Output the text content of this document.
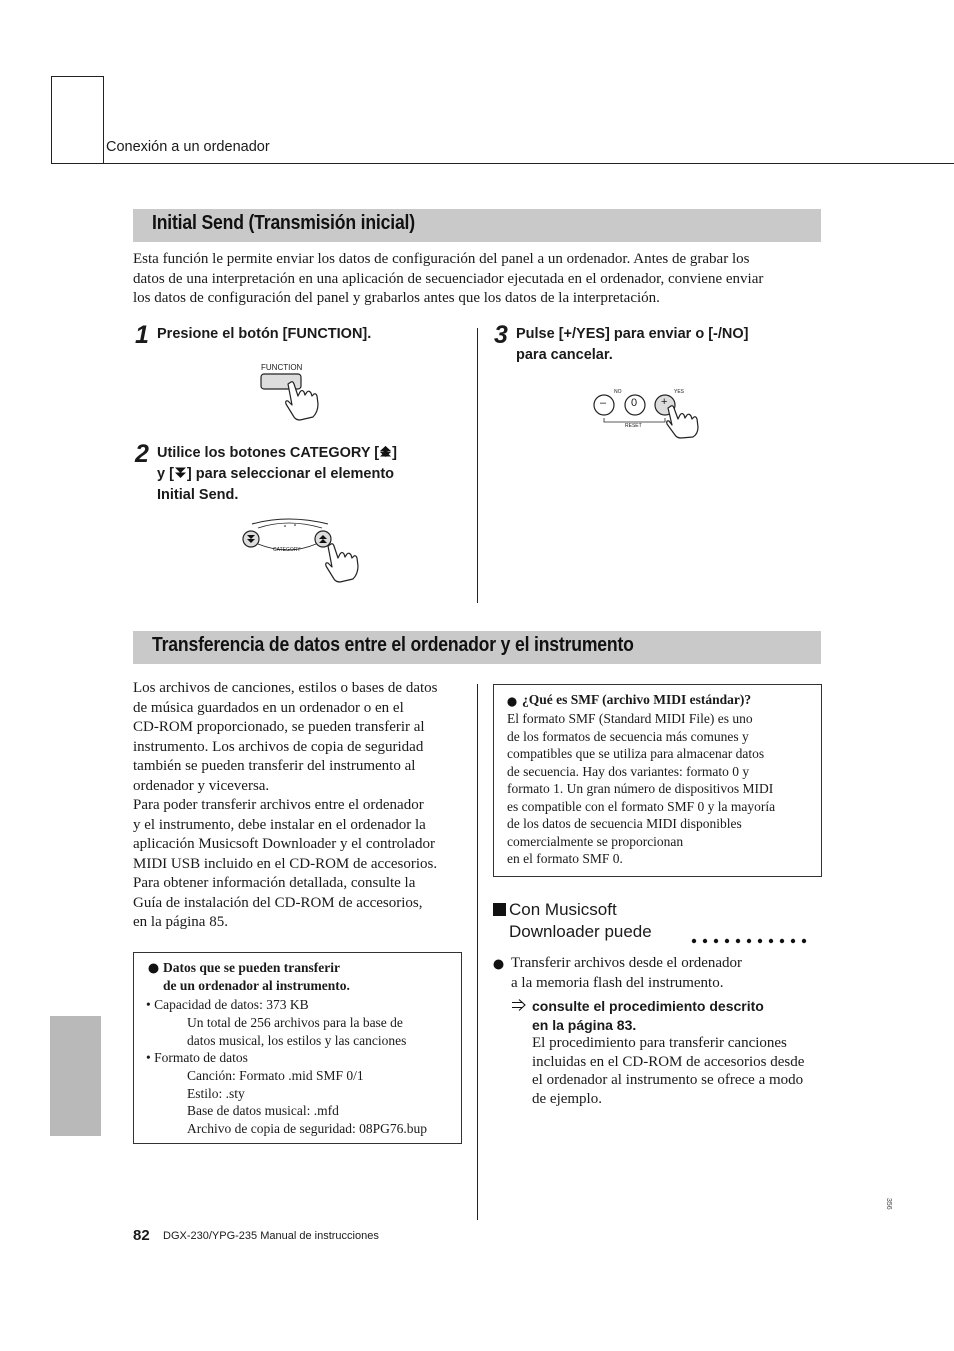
Conexión a un ordenador
Initial Send (Transmisión inicial)
Esta función le permite enviar los datos de configuración del panel a un ordenador. Antes de grabar los
datos de una interpretación en una aplicación de secuenciador ejecutada en el ordenador, conviene enviar
los datos de configuración del panel y grabarlos antes que los datos de la interpretación.
1 Presione el botón [FUNCTION].
FUNCTION
2 Utilice los botones CATEGORY [ ]
y [ ] para seleccionar el elemento
Initial Send.
CATEGORY
3 Pulse [+/YES] para enviar o [-/NO]
para cancelar.
– 0 +
NO	YES
RESET
Transferencia de datos entre el ordenador y el instrumento
Los archivos de canciones, estilos o bases de datos
de música guardados en un ordenador o en el
CD-ROM proporcionado, se pueden transferir al
instrumento. Los archivos de copia de seguridad
también se pueden transferir del instrumento al
ordenador y viceversa.
Para poder transferir archivos entre el ordenador
y el instrumento, debe instalar en el ordenador la
aplicación Musicsoft Downloader y el controlador
MIDI USB incluido en el CD-ROM de accesorios.
Para obtener información detallada, consulte la
Guía de instalación del CD-ROM de accesorios,
en la página 85.
Datos que se pueden transferir
de un ordenador al instrumento.
• Capacidad de datos: 373 KB
Un total de 256 archivos para la base de
datos musical, los estilos y las canciones
• Formato de datos
Canción: Formato .mid SMF 0/1
Estilo: .sty
Base de datos musical: .mfd
Archivo de copia de seguridad: 08PG76.bup
¿Qué es SMF (archivo MIDI estándar)?
El formato SMF (Standard MIDI File) es uno
de los formatos de secuencia más comunes y
compatibles que se utiliza para almacenar datos
de secuencia. Hay dos variantes: formato 0 y
formato 1. Un gran número de dispositivos MIDI
es compatible con el formato SMF 0 y la mayoría
de los datos de secuencia MIDI disponibles
comercialmente se proporcionan
en el formato SMF 0.
Con Musicsoft
Downloader puede
Transferir archivos desde el ordenador
a la memoria flash del instrumento.
consulte el procedimiento descrito
en la página 83.
El procedimiento para transferir canciones
incluidas en el CD-ROM de accesorios desde
el ordenador al instrumento se ofrece a modo
de ejemplo.
356
82 DGX-230/YPG-235 Manual de instrucciones
